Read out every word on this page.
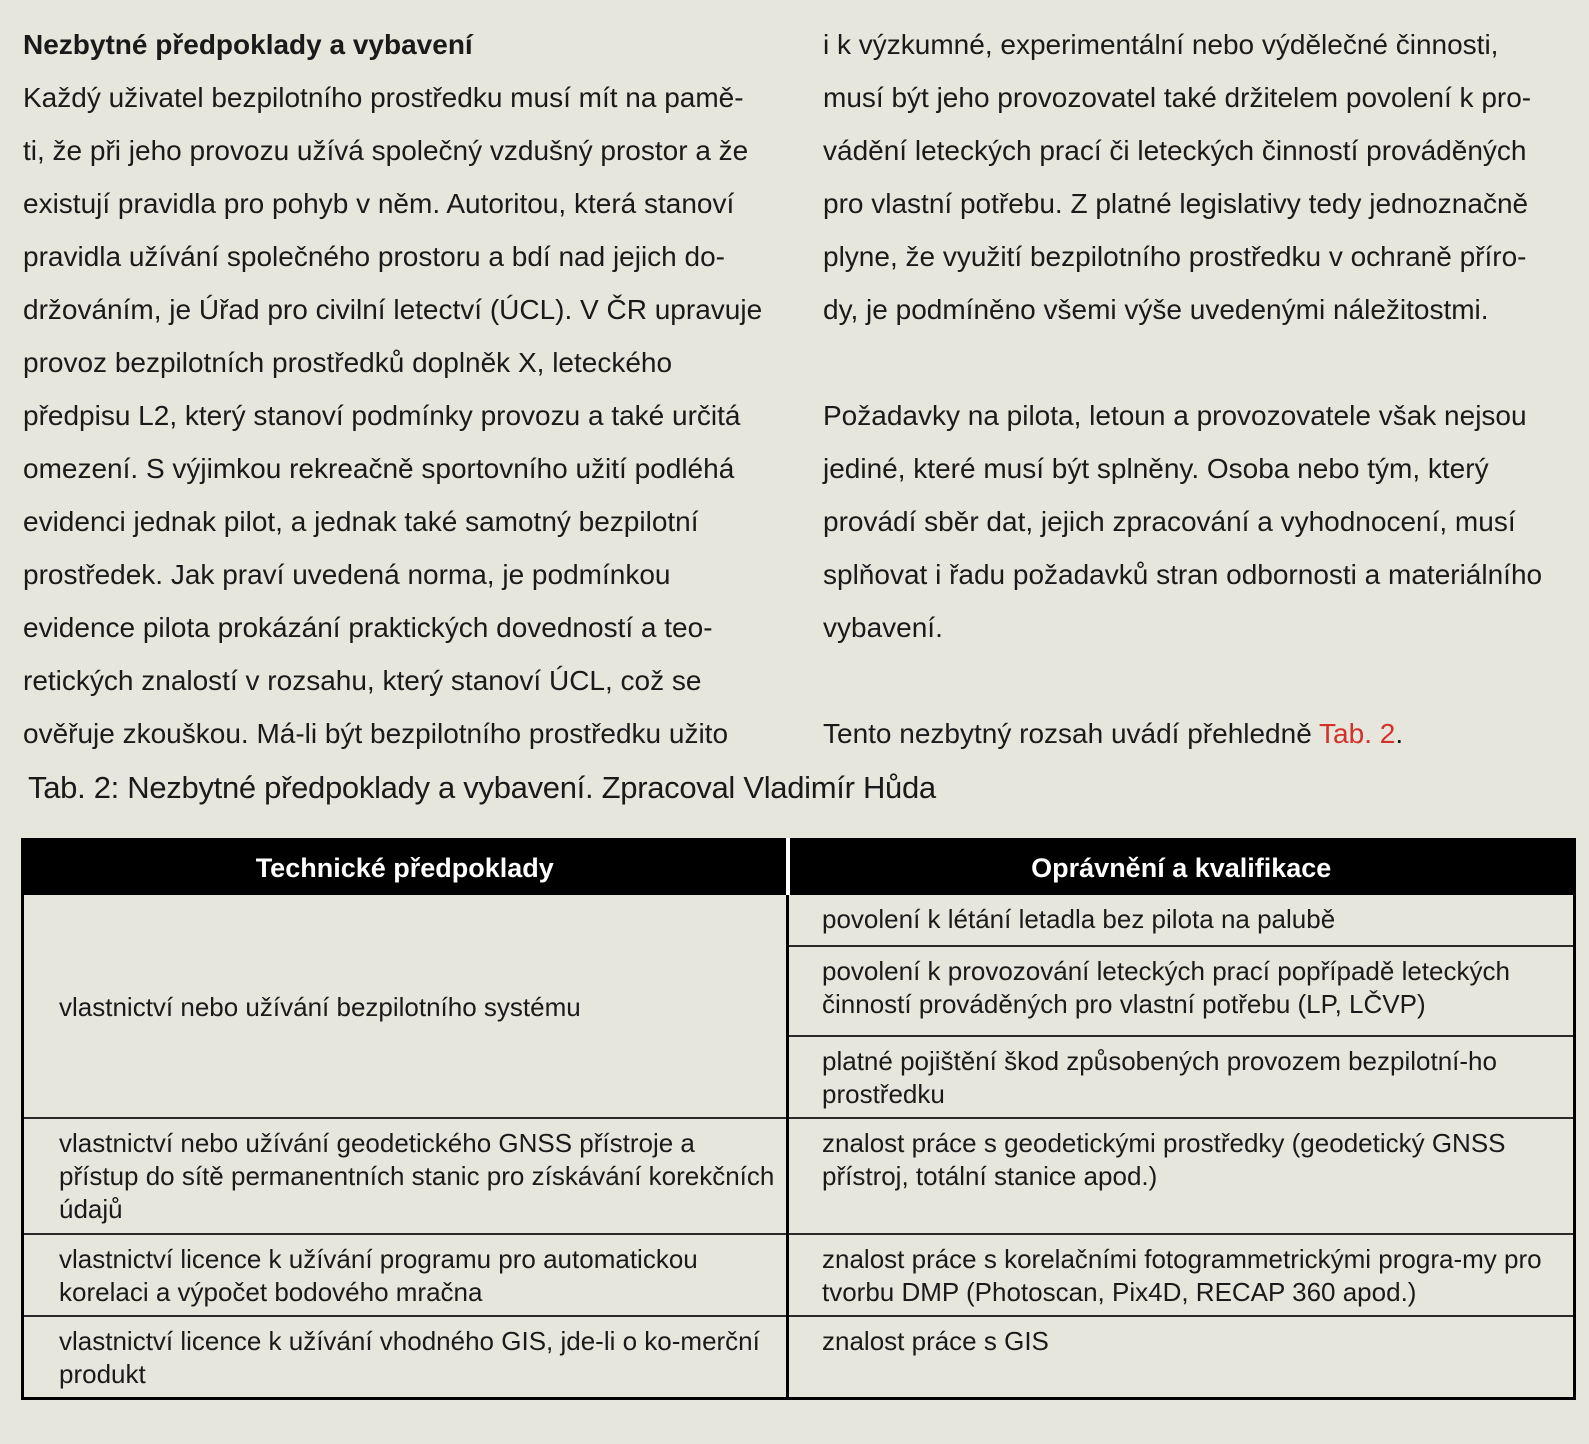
Nezbytné předpoklady a vybavení
Každý uživatel bezpilotního prostředku musí mít na pamě-
ti, že při jeho provozu užívá společný vzdušný prostor a že
existují pravidla pro pohyb v něm. Autoritou, která stanoví
pravidla užívání společného prostoru a bdí nad jejich do-
držováním, je Úřad pro civilní letectví (ÚCL). V ČR upravuje
provoz bezpilotních prostředků doplněk X, leteckého
předpisu L2, který stanoví podmínky provozu a také určitá
omezení. S výjimkou rekreačně sportovního užití podléhá
evidenci jednak pilot, a jednak také samotný bezpilotní
prostředek. Jak praví uvedená norma, je podmínkou
evidence pilota prokázání praktických dovedností a teo-
retických znalostí v rozsahu, který stanoví ÚCL, což se
ověřuje zkouškou. Má-li být bezpilotního prostředku užito
i k výzkumné, experimentální nebo výdělečné činnosti,
musí být jeho provozovatel také držitelem povolení k pro-
vádění leteckých prací či leteckých činností prováděných
pro vlastní potřebu. Z platné legislativy tedy jednoznačně
plyne, že využití bezpilotního prostředku v ochraně příro-
dy, je podmíněno všemi výše uvedenými náležitostmi.
Požadavky na pilota, letoun a provozovatele však nejsou
jediné, které musí být splněny. Osoba nebo tým, který
provádí sběr dat, jejich zpracování a vyhodnocení, musí
splňovat i řadu požadavků stran odbornosti a materiálního
vybavení.
Tento nezbytný rozsah uvádí přehledně Tab. 2.
Tab. 2: Nezbytné předpoklady a vybavení. Zpracoval Vladimír Hůda
Technické předpoklady	Oprávnění a kvalifikace
vlastnictví nebo užívání bezpilotního systému	povolení k létání letadla bez pilota na palubě
	povolení k provozování leteckých prací popřípadě leteckých činností prováděných pro vlastní potřebu (LP, LČVP)
	platné pojištění škod způsobených provozem bezpilotní-ho prostředku
vlastnictví nebo užívání geodetického GNSS přístroje a přístup do sítě permanentních stanic pro získávání korekčních údajů	znalost práce s geodetickými prostředky (geodetický GNSS přístroj, totální stanice apod.)
vlastnictví licence k užívání programu pro automatickou korelaci a výpočet bodového mračna	znalost práce s korelačními fotogrammetrickými progra-my pro tvorbu DMP (Photoscan, Pix4D, RECAP 360 apod.)
vlastnictví licence k užívání vhodného GIS, jde-li o ko-merční produkt	znalost práce s GIS
